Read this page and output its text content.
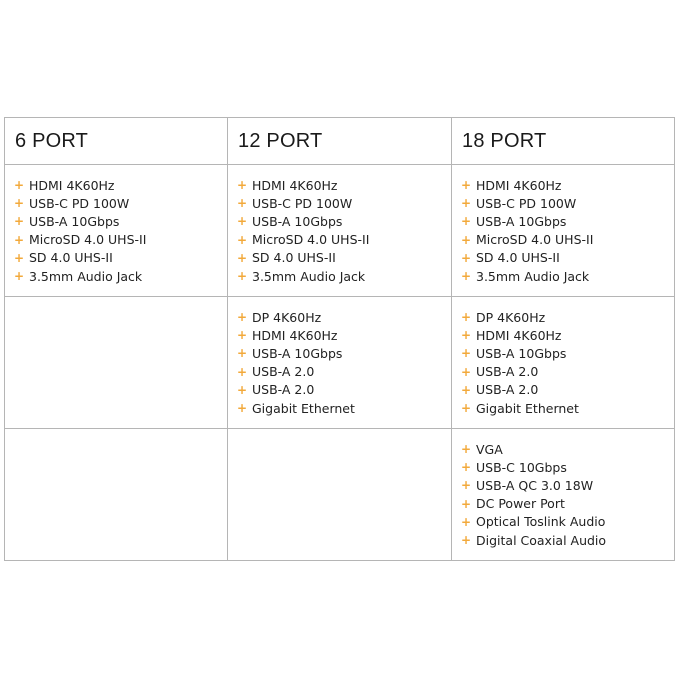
6 PORT	12 PORT	18 PORT
+ HDMI 4K60Hz
+ USB-C PD 100W
+ USB-A 10Gbps
+ MicroSD 4.0 UHS-II
+ SD 4.0 UHS-II
+ 3.5mm Audio Jack
+ HDMI 4K60Hz
+ USB-C PD 100W
+ USB-A 10Gbps
+ MicroSD 4.0 UHS-II
+ SD 4.0 UHS-II
+ 3.5mm Audio Jack
+ HDMI 4K60Hz
+ USB-C PD 100W
+ USB-A 10Gbps
+ MicroSD 4.0 UHS-II
+ SD 4.0 UHS-II
+ 3.5mm Audio Jack
+ DP 4K60Hz
+ HDMI 4K60Hz
+ USB-A 10Gbps
+ USB-A 2.0
+ USB-A 2.0
+ Gigabit Ethernet
+ DP 4K60Hz
+ HDMI 4K60Hz
+ USB-A 10Gbps
+ USB-A 2.0
+ USB-A 2.0
+ Gigabit Ethernet
+ VGA
+ USB-C 10Gbps
+ USB-A QC 3.0 18W
+ DC Power Port
+ Optical Toslink Audio
+ Digital Coaxial Audio
